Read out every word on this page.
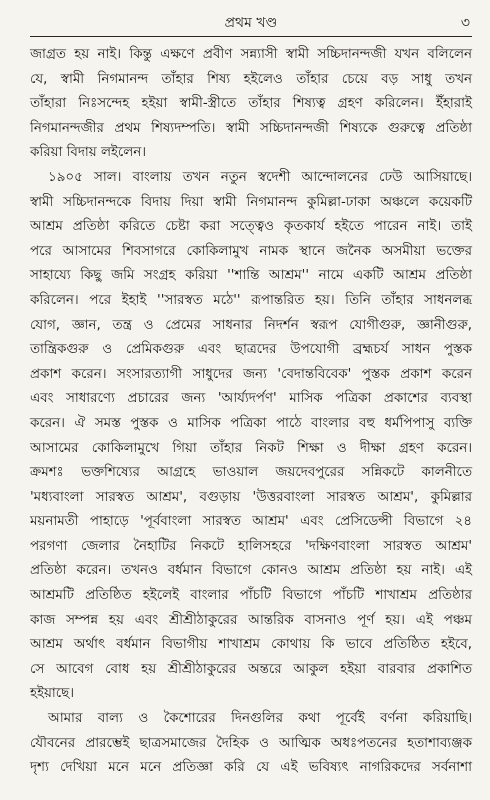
প্রথম খণ্ড	৩

জাগ্রত হয় নাই। কিন্তু এক্ষণে প্রবীণ সন্ন্যাসী স্বামী সচ্চিদানন্দজী যখন বলিলেন

যে, স্বামী নিগমানন্দ তাঁহার শিষ্য হইলেও তাঁহার চেয়ে বড় সাধু তখন

তাঁহারা নিঃসন্দেহ হইয়া স্বামী-স্ত্রীতে তাঁহার শিষ্যত্ব গ্রহণ করিলেন। ইঁহারাই

নিগমানন্দজীর প্রথম শিষ্যদম্পতি। স্বামী সচ্চিদানন্দজী শিষ্যকে গুরুত্বে প্রতিষ্ঠা

করিয়া বিদায় লইলেন।

১৯০৫ সাল। বাংলায় তখন নতুন স্বদেশী আন্দোলনের ঢেউ আসিয়াছে।

স্বামী সচ্চিদানন্দকে বিদায় দিয়া স্বামী নিগমানন্দ কুমিল্লা-ঢাকা অঞ্চলে কয়েকটি

আশ্রম প্রতিষ্ঠা করিতে চেষ্টা করা সত্ত্বেও কৃতকার্য হইতে পারেন নাই। তাই

পরে আসামের শিবসাগরে কোকিলামুখ নামক স্থানে জনৈক অসমীয়া ভক্তের

সাহায্যে কিছু জমি সংগ্রহ করিয়া ''শান্তি আশ্রম'' নামে একটি আশ্রম প্রতিষ্ঠা

করিলেন। পরে ইহাই ''সারস্বত মঠে'' রূপান্তরিত হয়। তিনি তাঁহার সাধনলব্ধ

যোগ, জ্ঞান, তন্ত্র ও প্রেমের সাধনার নিদর্শন স্বরূপ যোগীগুরু, জ্ঞানীগুরু,

তান্ত্রিকগুরু ও প্রেমিকগুরু এবং ছাত্রদের উপযোগী ব্রহ্মচর্য সাধন পুস্তক

প্রকাশ করেন। সংসারত্যাগী সাধুদের জন্য 'বেদান্তবিবেক' পুস্তক প্রকাশ করেন

এবং সাধারণ্যে প্রচারের জন্য 'আর্য্যদর্পণ' মাসিক পত্রিকা প্রকাশের ব্যবস্থা

করেন। ঐ সমস্ত পুস্তক ও মাসিক পত্রিকা পাঠে বাংলার বহু ধর্মপিপাসু ব্যক্তি

আসামের কোকিলামুখে গিয়া তাঁহার নিকট শিক্ষা ও দীক্ষা গ্রহণ করেন।

ক্রমশঃ ভক্তশিষ্যের আগ্রহে ভাওয়াল জয়দেবপুরের সন্নিকটে কালনীতে

'মধ্যবাংলা সারস্বত আশ্রম', বগুড়ায় 'উত্তরবাংলা সারস্বত আশ্রম', কুমিল্লার

ময়নামতী পাহাড়ে 'পূর্ববাংলা সারস্বত আশ্রম' এবং প্রেসিডেন্সী বিভাগে ২৪

পরগণা জেলার নৈহাটির নিকটে হালিসহরে 'দক্ষিণবাংলা সারস্বত আশ্রম'

প্রতিষ্ঠা করেন। তখনও বর্ধমান বিভাগে কোনও আশ্রম প্রতিষ্ঠা হয় নাই। এই

আশ্রমটি প্রতিষ্ঠিত হইলেই বাংলার পাঁচটি বিভাগে পাঁচটি শাখাশ্রম প্রতিষ্ঠার

কাজ সম্পন্ন হয় এবং শ্রীশ্রীঠাকুরের আন্তরিক বাসনাও পূর্ণ হয়। এই পঞ্চম

আশ্রম অর্থাৎ বর্ধমান বিভাগীয় শাখাশ্রম কোথায় কি ভাবে প্রতিষ্ঠিত হইবে,

সে আবেগ বোধ হয় শ্রীশ্রীঠাকুরের অন্তরে আকুল হইয়া বারবার প্রকাশিত

হইয়াছে।

আমার বাল্য ও কৈশোরের দিনগুলির কথা পূর্বেই বর্ণনা করিয়াছি।

যৌবনের প্রারম্ভেই ছাত্রসমাজের দৈহিক ও আত্মিক অধঃপতনের হতাশাব্যঞ্জক

দৃশ্য দেখিয়া মনে মনে প্রতিজ্ঞা করি যে এই ভবিষ্যৎ নাগরিকদের সর্বনাশা
